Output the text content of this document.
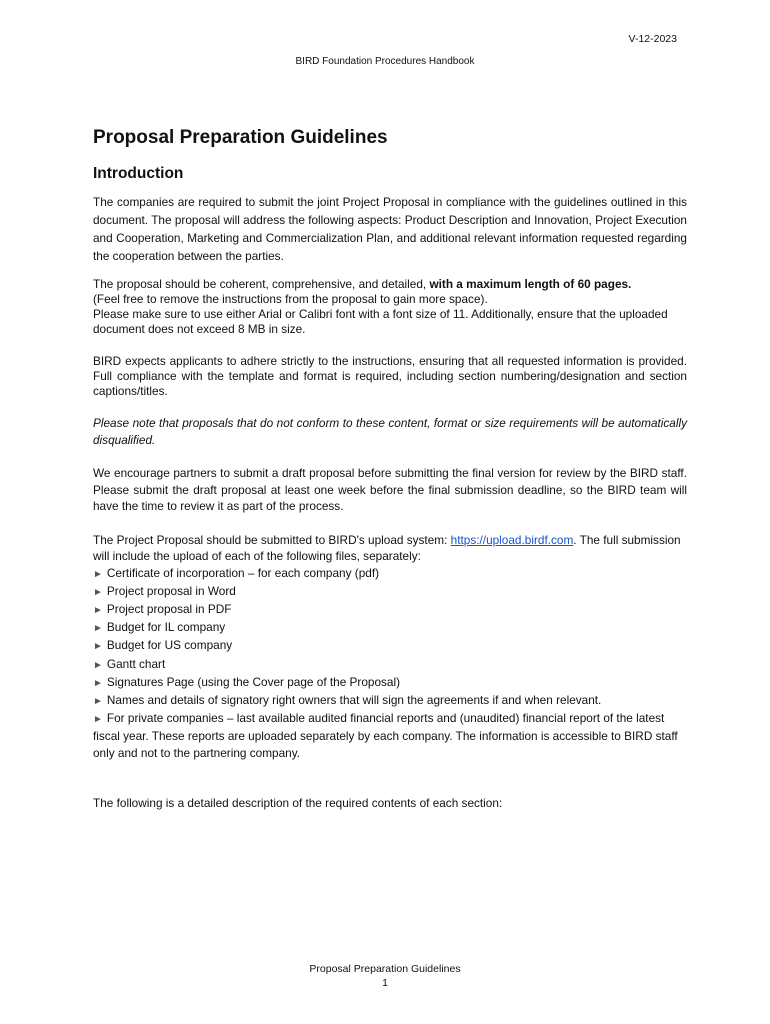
V-12-2023
BIRD Foundation Procedures Handbook
Proposal Preparation Guidelines
Introduction

The companies are required to submit the joint Project Proposal in compliance with the guidelines outlined in this document. The proposal will address the following aspects: Product Description and Innovation, Project Execution and Cooperation, Marketing and Commercialization Plan, and additional relevant information requested regarding the cooperation between the parties.

The proposal should be coherent, comprehensive, and detailed, with a maximum length of 60 pages.
(Feel free to remove the instructions from the proposal to gain more space).
Please make sure to use either Arial or Calibri font with a font size of 11. Additionally, ensure that the uploaded document does not exceed 8 MB in size.

BIRD expects applicants to adhere strictly to the instructions, ensuring that all requested information is provided. Full compliance with the template and format is required, including section numbering/designation and section captions/titles.

Please note that proposals that do not conform to these content, format or size requirements will be automatically disqualified.

We encourage partners to submit a draft proposal before submitting the final version for review by the BIRD staff. Please submit the draft proposal at least one week before the final submission deadline, so the BIRD team will have the time to review it as part of the process.

The Project Proposal should be submitted to BIRD's upload system: https://upload.birdf.com. The full submission will include the upload of each of the following files, separately:

► Certificate of incorporation – for each company (pdf)
► Project proposal in Word
► Project proposal in PDF
► Budget for IL company
► Budget for US company
► Gantt chart
► Signatures Page (using the Cover page of the Proposal)
► Names and details of signatory right owners that will sign the agreements if and when relevant.
► For private companies – last available audited financial reports and (unaudited) financial report of the latest fiscal year. These reports are uploaded separately by each company. The information is accessible to BIRD staff only and not to the partnering company.

The following is a detailed description of the required contents of each section:

Proposal Preparation Guidelines
1
